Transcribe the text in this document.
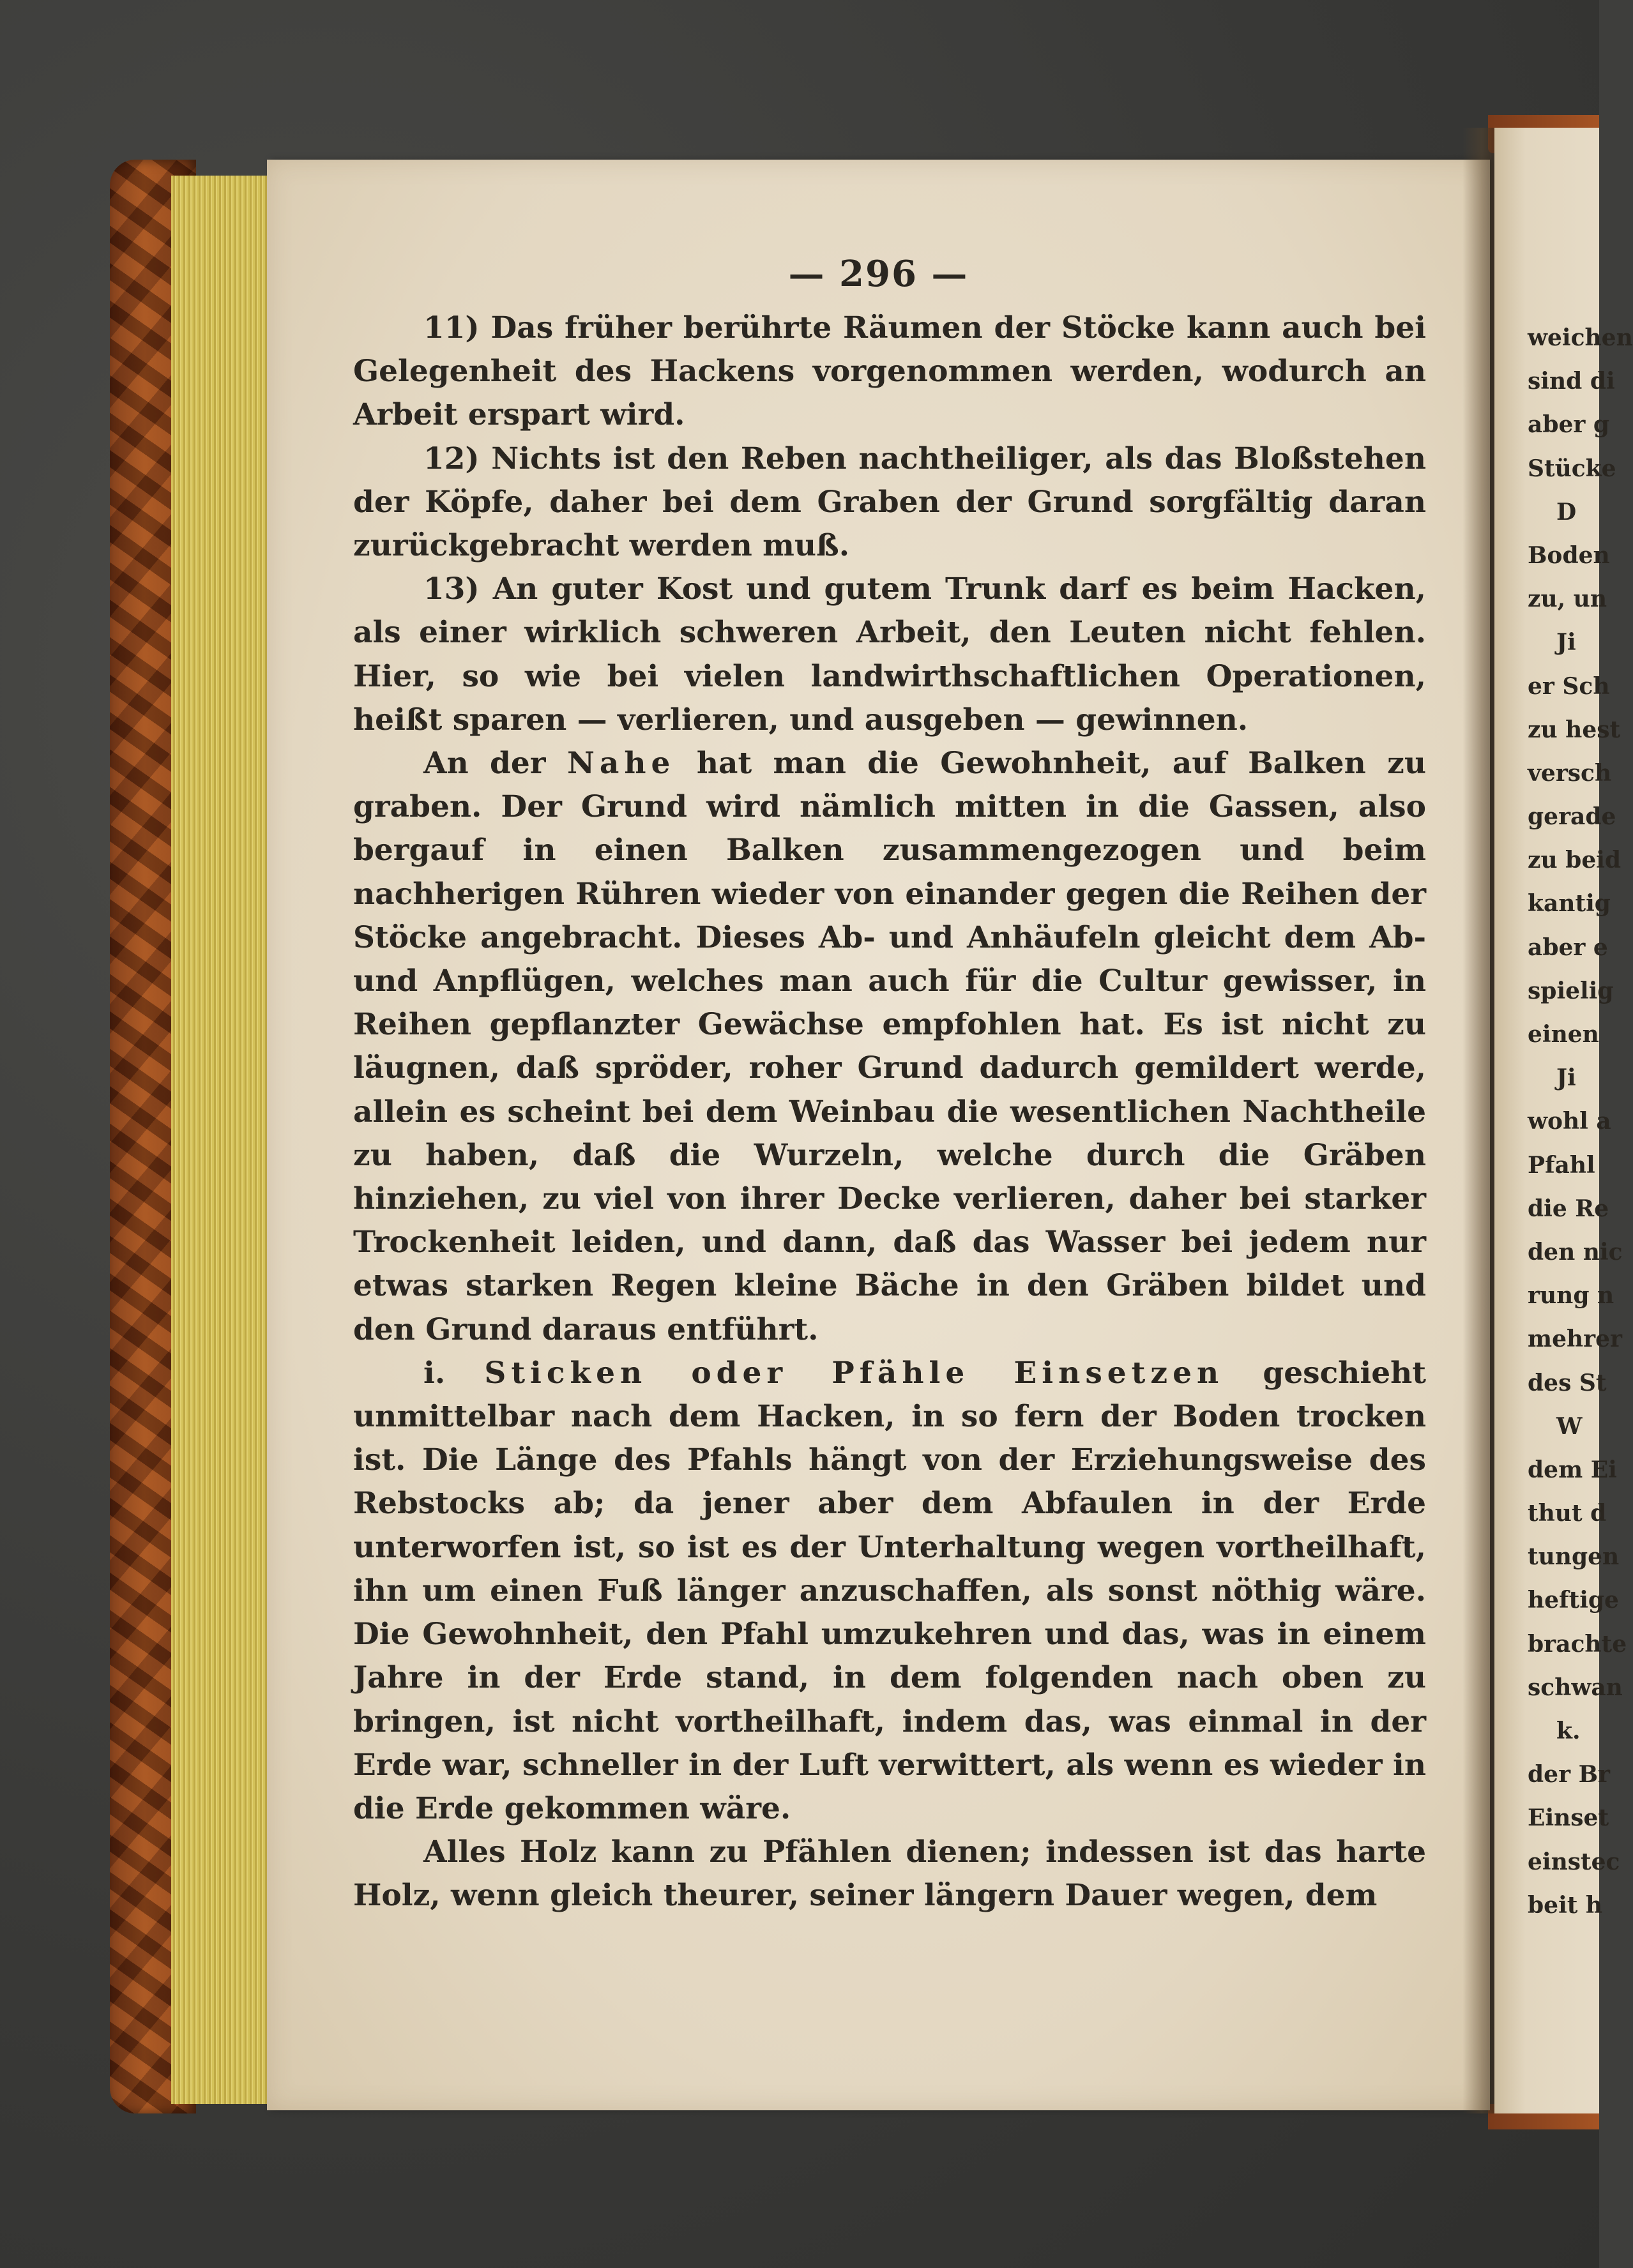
— 296 —

11) Das früher berührte Räumen der Stöcke kann auch bei Gelegenheit des Hackens vorgenommen werden, wodurch an Arbeit erspart wird.

12) Nichts ist den Reben nachtheiliger, als das Bloßstehen der Köpfe, daher bei dem Graben der Grund sorgfältig daran zurückgebracht werden muß.

13) An guter Kost und gutem Trunk darf es beim Hacken, als einer wirklich schweren Arbeit, den Leuten nicht fehlen. Hier, so wie bei vielen landwirthschaftlichen Operationen, heißt sparen — verlieren, und ausgeben — gewinnen.

An der Nahe hat man die Gewohnheit, auf Balken zu graben. Der Grund wird nämlich mitten in die Gassen, also bergauf in einen Balken zusammengezogen und beim nachherigen Rühren wieder von einander gegen die Reihen der Stöcke angebracht. Dieses Ab- und Anhäufeln gleicht dem Ab- und Anpflügen, welches man auch für die Cultur gewisser, in Reihen gepflanzter Gewächse empfohlen hat. Es ist nicht zu läugnen, daß spröder, roher Grund dadurch gemildert werde, allein es scheint bei dem Weinbau die wesentlichen Nachtheile zu haben, daß die Wurzeln, welche durch die Gräben hinziehen, zu viel von ihrer Decke verlieren, daher bei starker Trockenheit leiden, und dann, daß das Wasser bei jedem nur etwas starken Regen kleine Bäche in den Gräben bildet und den Grund daraus entführt.

i. Sticken oder Pfähle Einsetzen geschieht unmittelbar nach dem Hacken, in so fern der Boden trocken ist. Die Länge des Pfahls hängt von der Erziehungsweise des Rebstocks ab; da jener aber dem Abfaulen in der Erde unterworfen ist, so ist es der Unterhaltung wegen vortheilhaft, ihn um einen Fuß länger anzuschaffen, als sonst nöthig wäre. Die Gewohnheit, den Pfahl umzukehren und das, was in einem Jahre in der Erde stand, in dem folgenden nach oben zu bringen, ist nicht vortheilhaft, indem das, was einmal in der Erde war, schneller in der Luft verwittert, als wenn es wieder in die Erde gekommen wäre.

Alles Holz kann zu Pfählen dienen; indessen ist das harte Holz, wenn gleich theurer, seiner längern Dauer wegen, dem

weichen
sind di
aber g
Stücke
D
Boden
zu, un
Ji
er Sch
zu hest
versch
gerade
zu beid
kantig
aber e
spielig
einen
Ji
wohl a
Pfahl
die Re
den nic
rung n
mehrer
des St
W
dem Ei
thut d
tungen
heftige
brachte
schwan
k.
der Br
Einset
einstec
beit h
